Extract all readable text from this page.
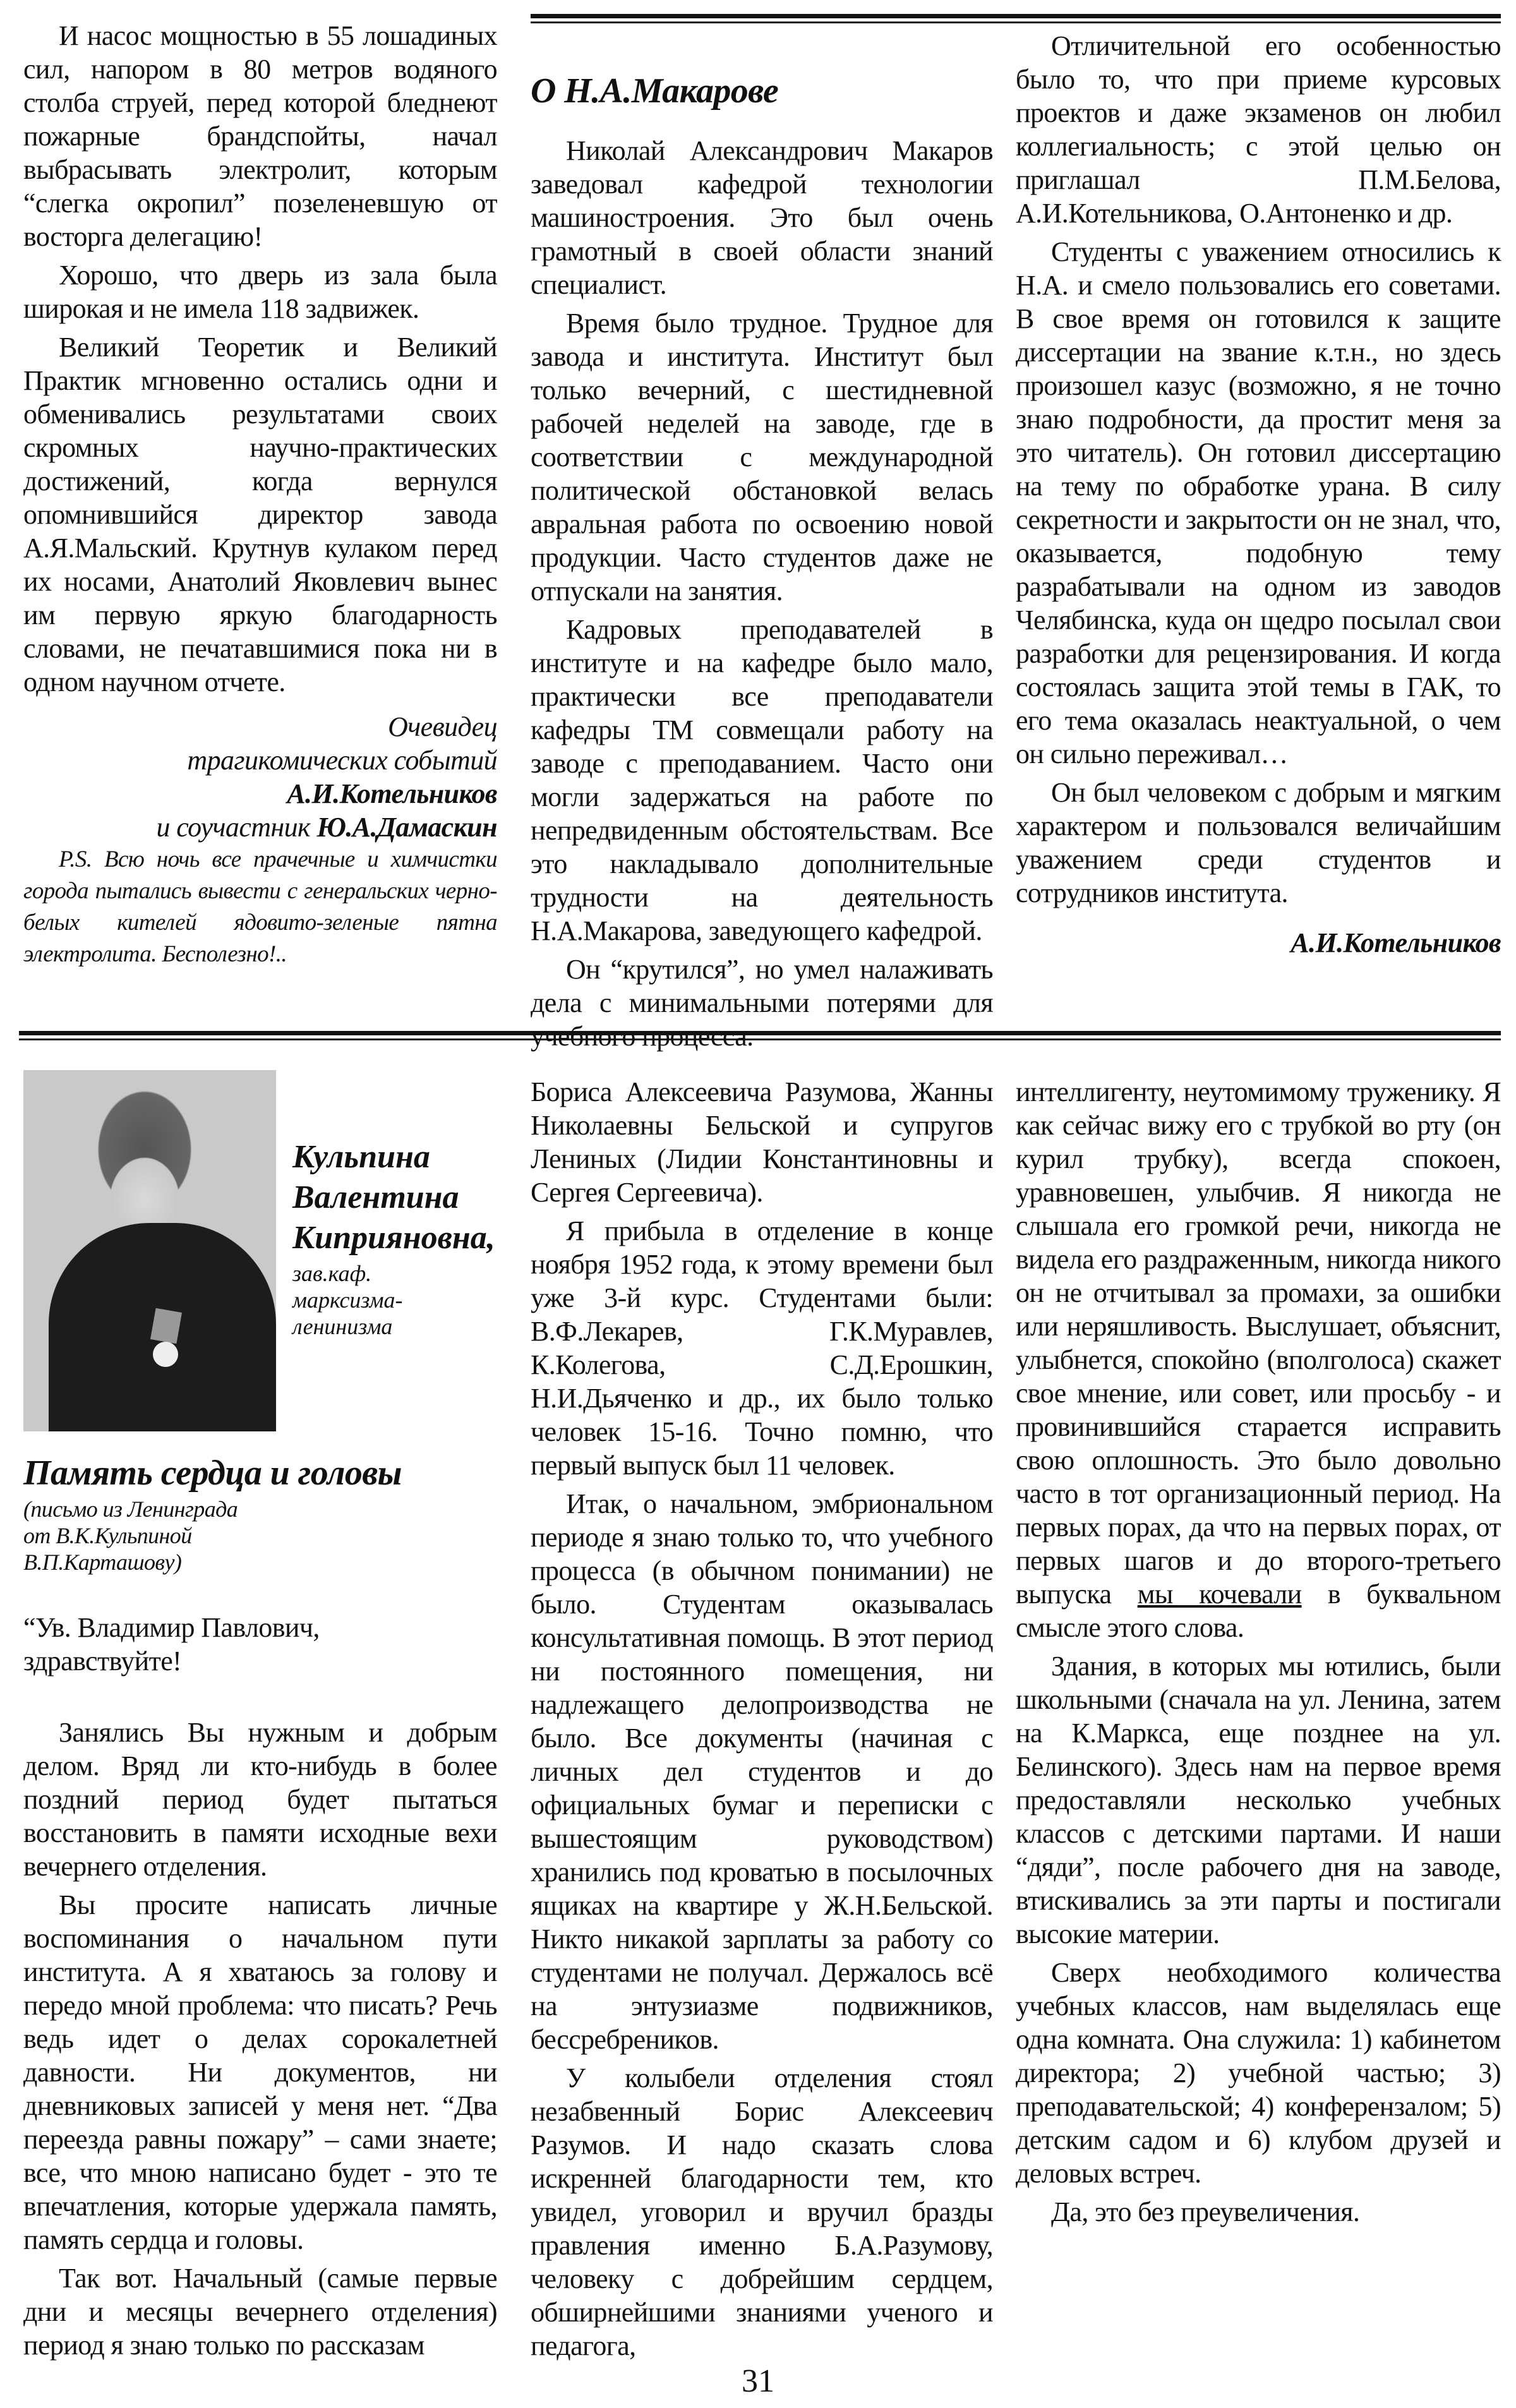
И насос мощностью в 55 лошадиных сил, напором в 80 метров водяного столба струей, перед которой бледнеют пожарные брандспойты, начал выбрасывать электролит, которым “слегка окропил” позеленевшую от восторга делегацию!

Хорошо, что дверь из зала была широкая и не имела 118 задвижек.

Великий Теоретик и Великий Практик мгновенно остались одни и обменивались результатами своих скромных научно-практических достижений, когда вернулся опомнившийся директор завода А.Я.Мальский. Крутнув кулаком перед их носами, Анатолий Яковлевич вынес им первую яркую благодарность словами, не печатавшимися пока ни в одном научном отчете.

Очевидец
трагикомических событий
А.И.Котельников
и соучастник Ю.А.Дамаскин

P.S. Всю ночь все прачечные и химчистки города пытались вывести с генеральских черно-белых кителей ядовито-зеленые пятна электролита. Бесполезно!..

О Н.А.Макарове

Николай Александрович Макаров заведовал кафедрой технологии машиностроения. Это был очень грамотный в своей области знаний специалист.

Время было трудное. Трудное для завода и института. Институт был только вечерний, с шестидневной рабочей неделей на заводе, где в соответствии с международной политической обстановкой велась авральная работа по освоению новой продукции. Часто студентов даже не отпускали на занятия.

Кадровых преподавателей в институте и на кафедре было мало, практически все преподаватели кафедры ТМ совмещали работу на заводе с преподаванием. Часто они могли задержаться на работе по непредвиденным обстоятельствам. Все это накладывало дополнительные трудности на деятельность Н.А.Макарова, заведующего кафедрой.

Он “крутился”, но умел налаживать дела с минимальными потерями для учебного процесса.

Отличительной его особенностью было то, что при приеме курсовых проектов и даже экзаменов он любил коллегиальность; с этой целью он приглашал П.М.Белова, А.И.Котельникова, О.Антоненко и др.

Студенты с уважением относились к Н.А. и смело пользовались его советами. В свое время он готовился к защите диссертации на звание к.т.н., но здесь произошел казус (возможно, я не точно знаю подробности, да простит меня за это читатель). Он готовил диссертацию на тему по обработке урана. В силу секретности и закрытости он не знал, что, оказывается, подобную тему разрабатывали на одном из заводов Челябинска, куда он щедро посылал свои разработки для рецензирования. И когда состоялась защита этой темы в ГАК, то его тема оказалась неактуальной, о чем он сильно переживал…

Он был человеком с добрым и мягким характером и пользовался величайшим уважением среди студентов и сотрудников института.

А.И.Котельников
Кульпина
Валентина
Киприяновна,
зав.каф.
марксизма-
ленинизма
Память сердца и головы
(письмо из Ленинграда
от В.К.Кульпиной
В.П.Карташову)

“Ув. Владимир Павлович, здравствуйте!

Занялись Вы нужным и добрым делом. Вряд ли кто-нибудь в более поздний период будет пытаться восстановить в памяти исходные вехи вечернего отделения.

Вы просите написать личные воспоминания о начальном пути института. А я хватаюсь за голову и передо мной проблема: что писать? Речь ведь идет о делах сорокалетней давности. Ни документов, ни дневниковых записей у меня нет. “Два переезда равны пожару” – сами знаете; все, что мною написано будет - это те впечатления, которые удержала память, память сердца и головы.

Так вот. Начальный (самые первые дни и месяцы вечернего отделения) период я знаю только по рассказам

Бориса Алексеевича Разумова, Жанны Николаевны Бельской и супругов Лениных (Лидии Константиновны и Сергея Сергеевича).

Я прибыла в отделение в конце ноября 1952 года, к этому времени был уже 3-й курс. Студентами были: В.Ф.Лекарев, Г.К.Муравлев, К.Колегова, С.Д.Ерошкин, Н.И.Дьяченко и др., их было только человек 15-16. Точно помню, что первый выпуск был 11 человек.

Итак, о начальном, эмбриональном периоде я знаю только то, что учебного процесса (в обычном понимании) не было. Студентам оказывалась консультативная помощь. В этот период ни постоянного помещения, ни надлежащего делопроизводства не было. Все документы (начиная с личных дел студентов и до официальных бумаг и переписки с вышестоящим руководством) хранились под кроватью в посылочных ящиках на квартире у Ж.Н.Бельской. Никто никакой зарплаты за работу со студентами не получал. Держалось всё на энтузиазме подвижников, бессребреников.

У колыбели отделения стоял незабвенный Борис Алексеевич Разумов. И надо сказать слова искренней благодарности тем, кто увидел, уговорил и вручил бразды правления именно Б.А.Разумову, человеку с добрейшим сердцем, обширнейшими знаниями ученого и педагога,

интеллигенту, неутомимому труженику. Я как сейчас вижу его с трубкой во рту (он курил трубку), всегда спокоен, уравновешен, улыбчив. Я никогда не слышала его громкой речи, никогда не видела его раздраженным, никогда никого он не отчитывал за промахи, за ошибки или неряшливость. Выслушает, объяснит, улыбнется, спокойно (вполголоса) скажет свое мнение, или совет, или просьбу - и провинившийся старается исправить свою оплошность. Это было довольно часто в тот организационный период. На первых порах, да что на первых порах, от первых шагов и до второго-третьего выпуска мы кочевали в буквальном смысле этого слова.

Здания, в которых мы ютились, были школьными (сначала на ул. Ленина, затем на К.Маркса, еще позднее на ул. Белинского). Здесь нам на первое время предоставляли несколько учебных классов с детскими партами. И наши “дяди”, после рабочего дня на заводе, втискивались за эти парты и постигали высокие материи.

Сверх необходимого количества учебных классов, нам выделялась еще одна комната. Она служила: 1) кабинетом директора; 2) учебной частью; 3) преподавательской; 4) конферензалом; 5) детским садом и 6) клубом друзей и деловых встреч.

Да, это без преувеличения.

31
